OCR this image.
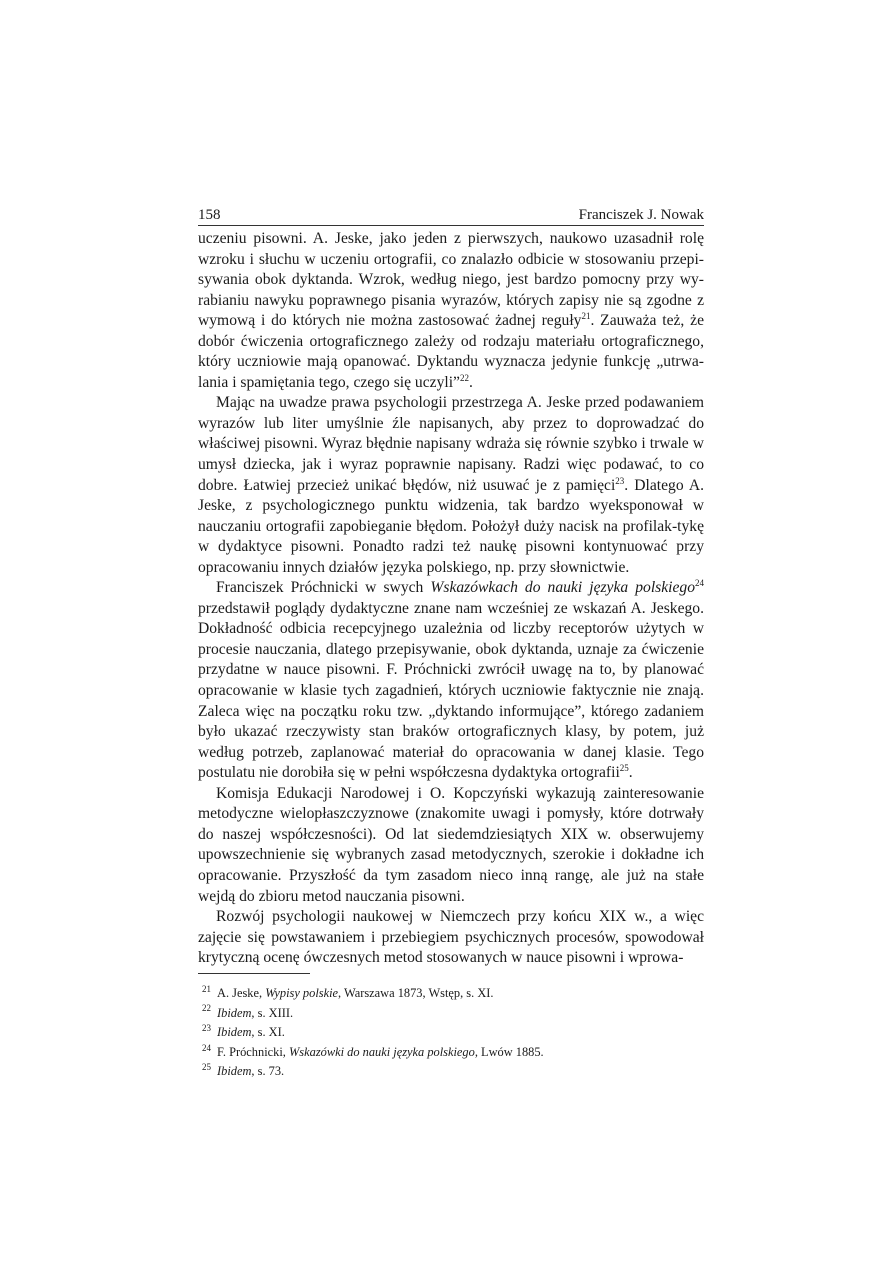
158	Franciszek J. Nowak

uczeniu pisowni. A. Jeske, jako jeden z pierwszych, naukowo uzasadnił rolę wzroku i słuchu w uczeniu ortografii, co znalazło odbicie w stosowaniu przepi-sywania obok dyktanda. Wzrok, według niego, jest bardzo pomocny przy wy-rabianiu nawyku poprawnego pisania wyrazów, których zapisy nie są zgodne z wymową i do których nie można zastosować żadnej reguły$^{21}$. Zauważa też, że dobór ćwiczenia ortograficznego zależy od rodzaju materiału ortograficznego, który uczniowie mają opanować. Dyktandu wyznacza jedynie funkcję „utrwa-lania i spamiętania tego, czego się uczyli”$^{22}$.

Mając na uwadze prawa psychologii przestrzega A. Jeske przed podawaniem wyrazów lub liter umyślnie źle napisanych, aby przez to doprowadzać do właściwej pisowni. Wyraz błędnie napisany wdraża się równie szybko i trwale w umysł dziecka, jak i wyraz poprawnie napisany. Radzi więc podawać, to co dobre. Łatwiej przecież unikać błędów, niż usuwać je z pamięci$^{23}$. Dlatego A. Jeske, z psychologicznego punktu widzenia, tak bardzo wyeksponował w nauczaniu ortografii zapobieganie błędom. Położył duży nacisk na profilak-tykę w dydaktyce pisowni. Ponadto radzi też naukę pisowni kontynuować przy opracowaniu innych działów języka polskiego, np. przy słownictwie.

Franciszek Próchnicki w swych Wskazówkach do nauki języka polskiego$^{24}$ przedstawił poglądy dydaktyczne znane nam wcześniej ze wskazań A. Jeskego. Dokładność odbicia recepcyjnego uzależnia od liczby receptorów użytych w procesie nauczania, dlatego przepisywanie, obok dyktanda, uznaje za ćwiczenie przydatne w nauce pisowni. F. Próchnicki zwrócił uwagę na to, by planować opracowanie w klasie tych zagadnień, których uczniowie faktycznie nie znają. Zaleca więc na początku roku tzw. „dyktando informujące”, którego zadaniem było ukazać rzeczywisty stan braków ortograficznych klasy, by potem, już według potrzeb, zaplanować materiał do opracowania w danej klasie. Tego postulatu nie dorobiła się w pełni współczesna dydaktyka ortografii$^{25}$.

Komisja Edukacji Narodowej i O. Kopczyński wykazują zainteresowanie metodyczne wielopłaszczyznowe (znakomite uwagi i pomysły, które dotrwały do naszej współczesności). Od lat siedemdziesiątych XIX w. obserwujemy upowszechnienie się wybranych zasad metodycznych, szerokie i dokładne ich opracowanie. Przyszłość da tym zasadom nieco inną rangę, ale już na stałe wejdą do zbioru metod nauczania pisowni.

Rozwój psychologii naukowej w Niemczech przy końcu XIX w., a więc zajęcie się powstawaniem i przebiegiem psychicznych procesów, spowodował krytyczną ocenę ówczesnych metod stosowanych w nauce pisowni i wprowa-

$^{21}$ A. Jeske, Wypisy polskie, Warszawa 1873, Wstęp, s. XI.

$^{22}$ Ibidem, s. XIII.

$^{23}$ Ibidem, s. XI.

$^{24}$ F. Próchnicki, Wskazówki do nauki języka polskiego, Lwów 1885.

$^{25}$ Ibidem, s. 73.
